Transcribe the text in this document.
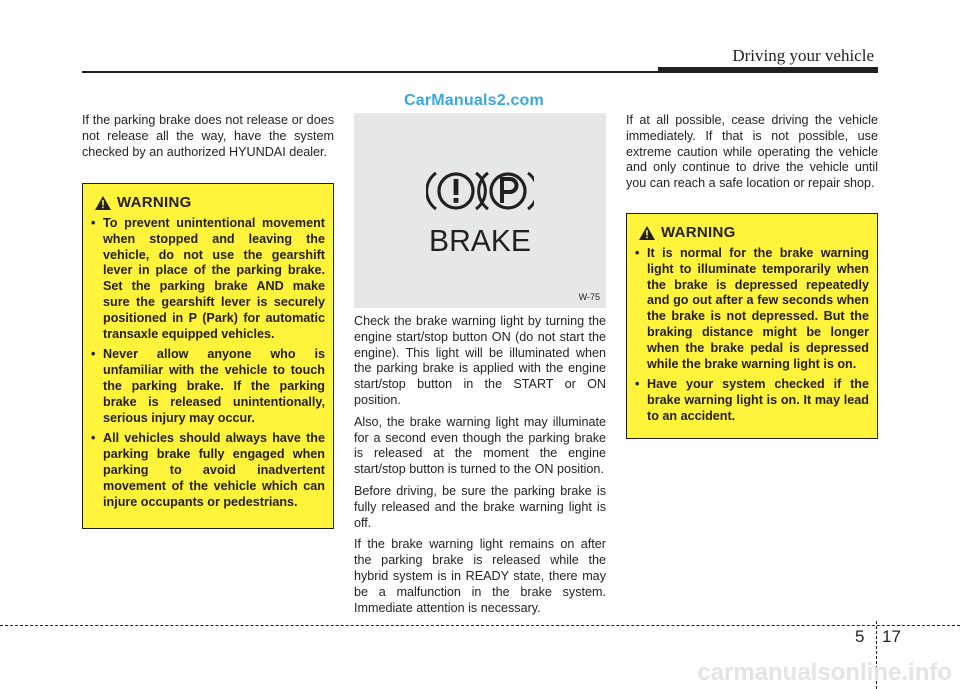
Driving your vehicle
CarManuals2.com

If the parking brake does not release or does not release all the way, have the system checked by an authorized HYUNDAI dealer.

WARNING
• To prevent unintentional movement when stopped and leaving the vehicle, do not use the gearshift lever in place of the parking brake. Set the parking brake AND make sure the gearshift lever is securely positioned in P (Park) for automatic transaxle equipped vehicles.
• Never allow anyone who is unfamiliar with the vehicle to touch the parking brake. If the parking brake is released unintentionally, serious injury may occur.
• All vehicles should always have the parking brake fully engaged when parking to avoid inadvertent movement of the vehicle which can injure occupants or pedestrians.
BRAKE
W-75

Check the brake warning light by turning the engine start/stop button ON (do not start the engine). This light will be illuminated when the parking brake is applied with the engine start/stop button in the START or ON position.

Also, the brake warning light may illuminate for a second even though the parking brake is released at the moment the engine start/stop button is turned to the ON position.

Before driving, be sure the parking brake is fully released and the brake warning light is off.

If the brake warning light remains on after the parking brake is released while the hybrid system is in READY state, there may be a malfunction in the brake system. Immediate attention is necessary.

If at all possible, cease driving the vehicle immediately. If that is not possible, use extreme caution while operating the vehicle and only continue to drive the vehicle until you can reach a safe location or repair shop.

WARNING
• It is normal for the brake warning light to illuminate temporarily when the brake is depressed repeatedly and go out after a few seconds when the brake is not depressed. But the braking distance might be longer when the brake pedal is depressed while the brake warning light is on.
• Have your system checked if the brake warning light is on. It may lead to an accident.
5 17
carmanualsonline.info
